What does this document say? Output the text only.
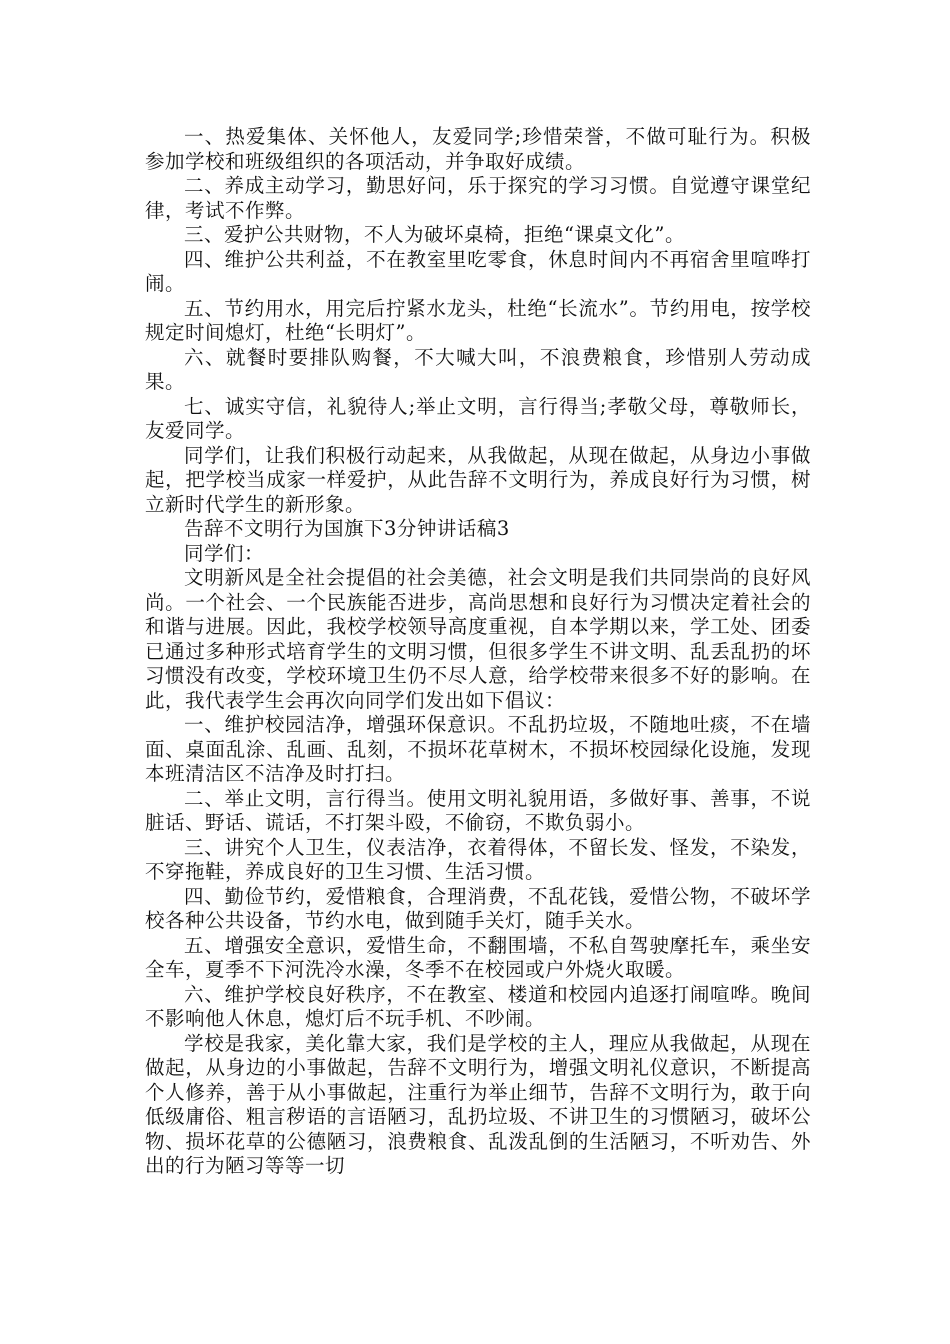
一、热爱集体、关怀他人，友爱同学;珍惜荣誉，不做可耻行为。积极参加学校和班级组织的各项活动，并争取好成绩。

二、养成主动学习，勤思好问，乐于探究的学习习惯。自觉遵守课堂纪律，考试不作弊。

三、爱护公共财物，不人为破坏桌椅，拒绝“课桌文化”。

四、维护公共利益，不在教室里吃零食，休息时间内不再宿舍里喧哗打闹。

五、节约用水，用完后拧紧水龙头，杜绝“长流水”。节约用电，按学校规定时间熄灯，杜绝“长明灯”。

六、就餐时要排队购餐，不大喊大叫，不浪费粮食，珍惜别人劳动成果。

七、诚实守信，礼貌待人;举止文明，言行得当;孝敬父母，尊敬师长，友爱同学。

同学们，让我们积极行动起来，从我做起，从现在做起，从身边小事做起，把学校当成家一样爱护，从此告辞不文明行为，养成良好行为习惯，树立新时代学生的新形象。

告辞不文明行为国旗下3分钟讲话稿3

同学们：

文明新风是全社会提倡的社会美德，社会文明是我们共同崇尚的良好风尚。一个社会、一个民族能否进步，高尚思想和良好行为习惯决定着社会的和谐与进展。因此，我校学校领导高度重视，自本学期以来，学工处、团委已通过多种形式培育学生的文明习惯，但很多学生不讲文明、乱丢乱扔的坏习惯没有改变，学校环境卫生仍不尽人意，给学校带来很多不好的影响。在此，我代表学生会再次向同学们发出如下倡议：

一、维护校园洁净，增强环保意识。不乱扔垃圾，不随地吐痰，不在墙面、桌面乱涂、乱画、乱刻，不损坏花草树木，不损坏校园绿化设施，发现本班清洁区不洁净及时打扫。

二、举止文明，言行得当。使用文明礼貌用语，多做好事、善事，不说脏话、野话、谎话，不打架斗殴，不偷窃，不欺负弱小。

三、讲究个人卫生，仪表洁净，衣着得体，不留长发、怪发，不染发，不穿拖鞋，养成良好的卫生习惯、生活习惯。

四、勤俭节约，爱惜粮食，合理消费，不乱花钱，爱惜公物，不破坏学校各种公共设备，节约水电，做到随手关灯，随手关水。

五、增强安全意识，爱惜生命，不翻围墙，不私自驾驶摩托车，乘坐安全车，夏季不下河洗冷水澡，冬季不在校园或户外烧火取暖。

六、维护学校良好秩序，不在教室、楼道和校园内追逐打闹喧哗。晚间不影响他人休息，熄灯后不玩手机、不吵闹。

学校是我家，美化靠大家，我们是学校的主人，理应从我做起，从现在做起，从身边的小事做起，告辞不文明行为，增强文明礼仪意识，不断提高个人修养，善于从小事做起，注重行为举止细节，告辞不文明行为，敢于向低级庸俗、粗言秽语的言语陋习，乱扔垃圾、不讲卫生的习惯陋习，破坏公物、损坏花草的公德陋习，浪费粮食、乱泼乱倒的生活陋习，不听劝告、外出的行为陋习等等一切
